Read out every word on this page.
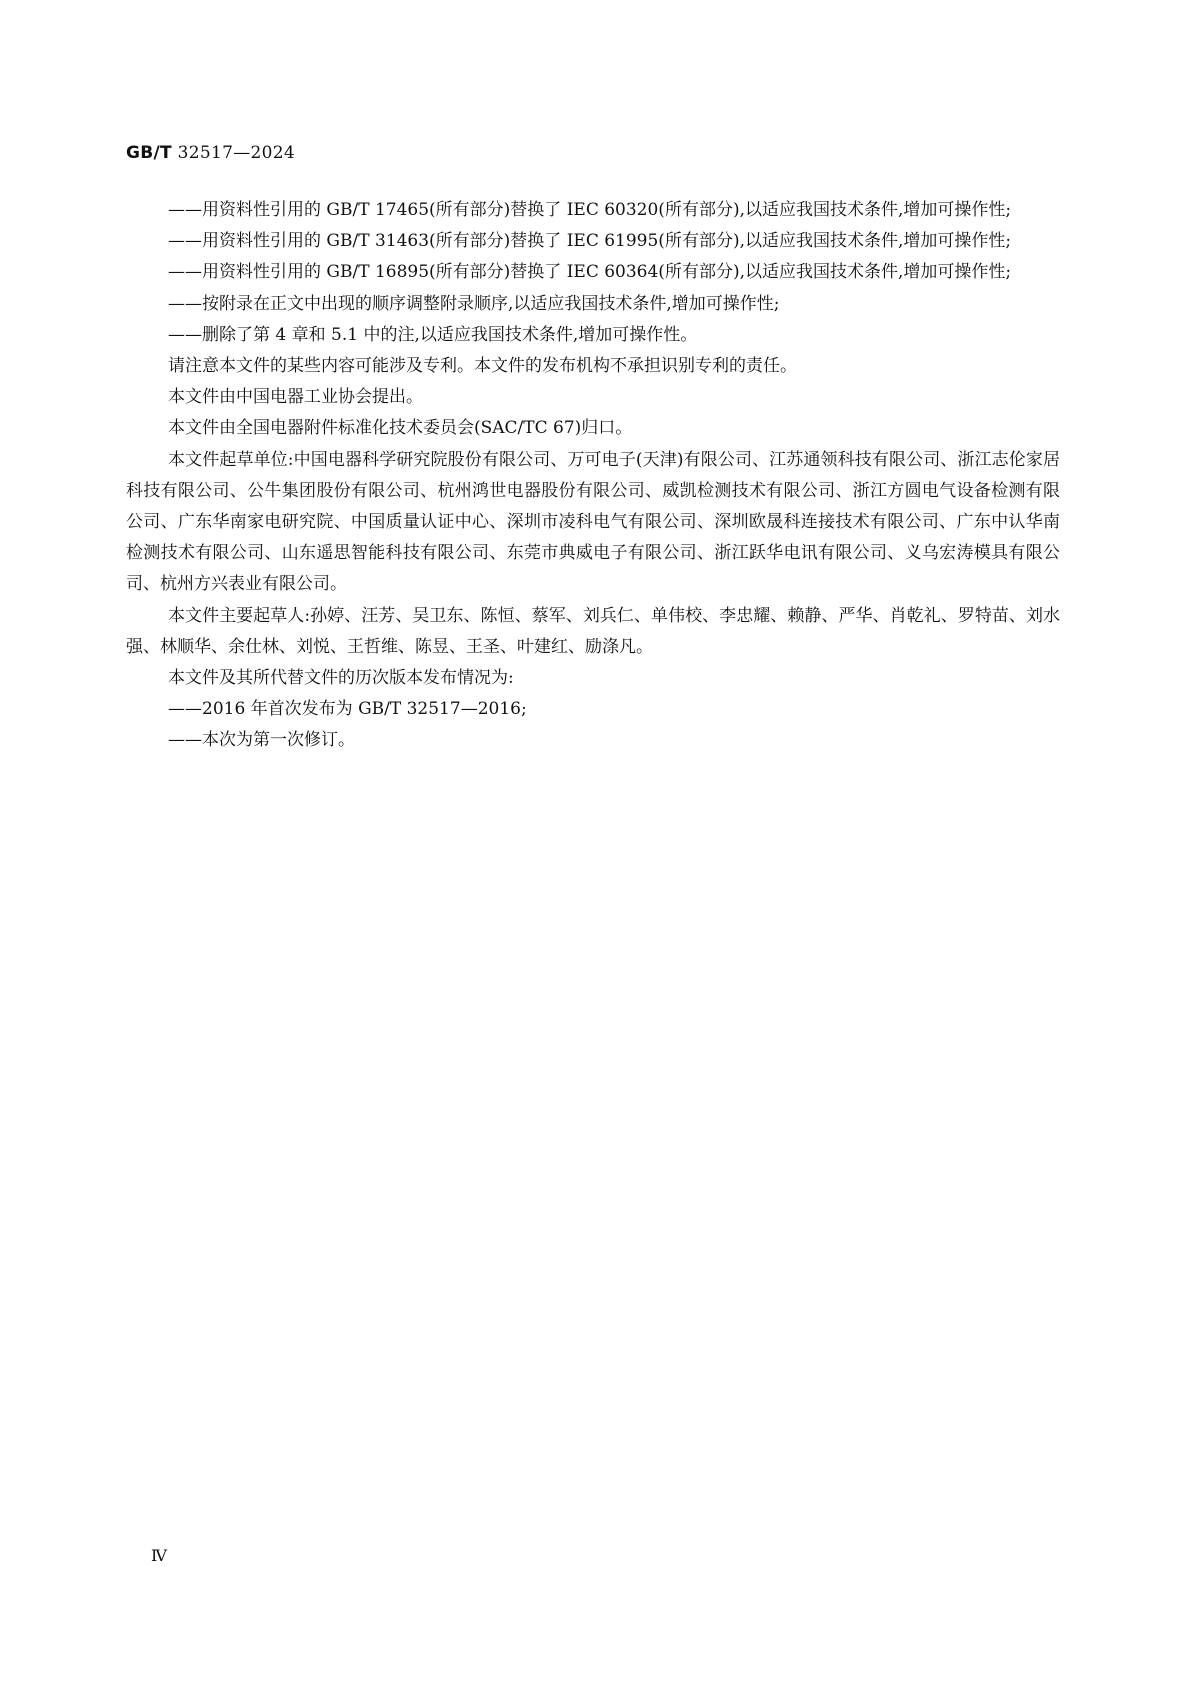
GB/T 32517—2024

——用资料性引用的 GB/T 17465(所有部分)替换了 IEC 60320(所有部分),以适应我国技术条件,增加可操作性;

——用资料性引用的 GB/T 31463(所有部分)替换了 IEC 61995(所有部分),以适应我国技术条件,增加可操作性;

——用资料性引用的 GB/T 16895(所有部分)替换了 IEC 60364(所有部分),以适应我国技术条件,增加可操作性;

——按附录在正文中出现的顺序调整附录顺序,以适应我国技术条件,增加可操作性;

——删除了第 4 章和 5.1 中的注,以适应我国技术条件,增加可操作性。

请注意本文件的某些内容可能涉及专利。本文件的发布机构不承担识别专利的责任。

本文件由中国电器工业协会提出。

本文件由全国电器附件标准化技术委员会(SAC/TC 67)归口。

本文件起草单位:中国电器科学研究院股份有限公司、万可电子(天津)有限公司、江苏通领科技有限公司、浙江志伦家居科技有限公司、公牛集团股份有限公司、杭州鸿世电器股份有限公司、威凯检测技术有限公司、浙江方圆电气设备检测有限公司、广东华南家电研究院、中国质量认证中心、深圳市凌科电气有限公司、深圳欧晟科连接技术有限公司、广东中认华南检测技术有限公司、山东遥思智能科技有限公司、东莞市典威电子有限公司、浙江跃华电讯有限公司、义乌宏涛模具有限公司、杭州方兴表业有限公司。

本文件主要起草人:孙婷、汪芳、吴卫东、陈恒、蔡军、刘兵仁、单伟校、李忠耀、赖静、严华、肖乾礼、罗特苗、刘水强、林顺华、余仕林、刘悦、王哲维、陈昱、王圣、叶建红、励涤凡。

本文件及其所代替文件的历次版本发布情况为:

——2016 年首次发布为 GB/T 32517—2016;

——本次为第一次修订。

Ⅳ
